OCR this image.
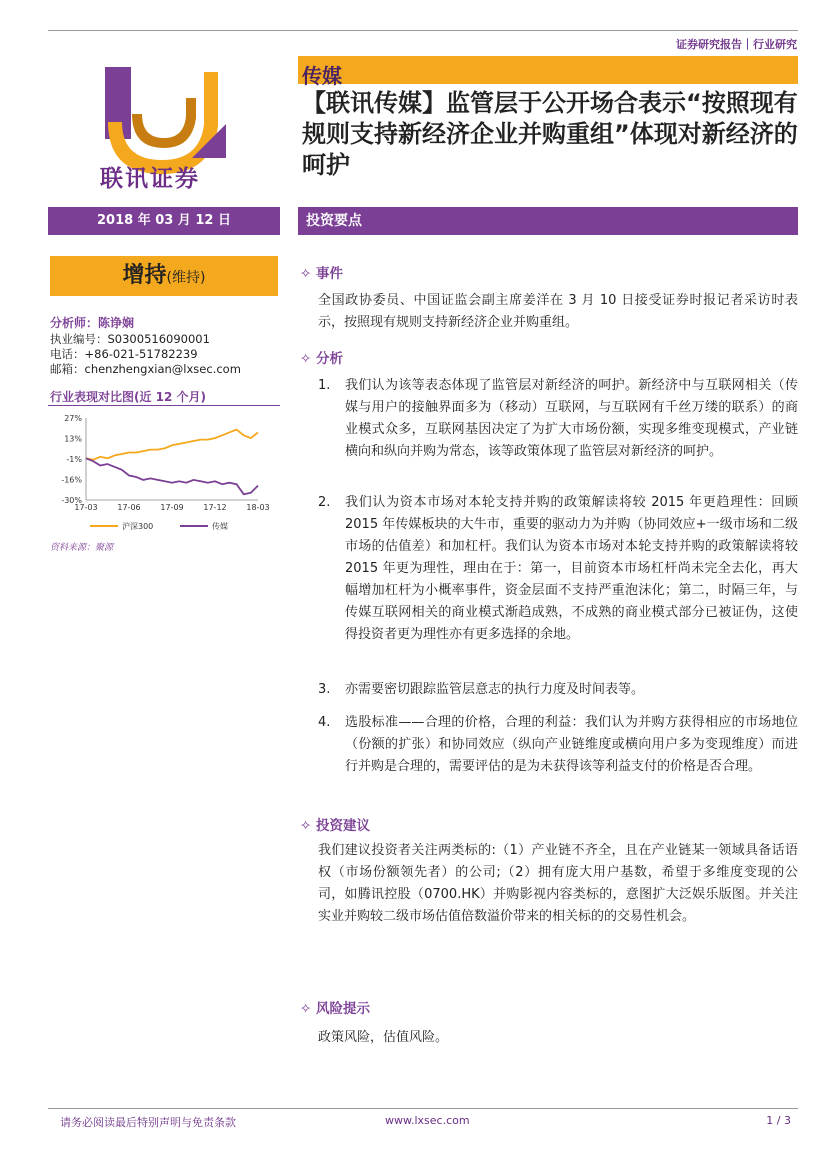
证券研究报告｜行业研究
联讯证券
传媒
【联讯传媒】监管层于公开场合表示“按照现有规则支持新经济企业并购重组”体现对新经济的呵护
2018 年 03 月 12 日	投资要点
增持(维持)
分析师：陈诤娴
执业编号：S0300516090001
电话：+86-021-51782239
邮箱：chenzhengxian@lxsec.com
行业表现对比图(近 12 个月)
27%
13%
-1%
-16%
-30%
17-03 17-06 17-09 17-12 18-03
沪深300	传媒
资料来源：聚源
✧ 事件
全国政协委员、中国证监会副主席姜洋在 3 月 10 日接受证券时报记者采访时表示，按照现有规则支持新经济企业并购重组。
✧ 分析
1. 我们认为该等表态体现了监管层对新经济的呵护。新经济中与互联网相关（传媒与用户的接触界面多为（移动）互联网，与互联网有千丝万缕的联系）的商业模式众多，互联网基因决定了为扩大市场份额，实现多维变现模式，产业链横向和纵向并购为常态，该等政策体现了监管层对新经济的呵护。
2. 我们认为资本市场对本轮支持并购的政策解读将较 2015 年更趋理性：回顾 2015 年传媒板块的大牛市，重要的驱动力为并购（协同效应+一级市场和二级市场的估值差）和加杠杆。我们认为资本市场对本轮支持并购的政策解读将较 2015 年更为理性，理由在于：第一，目前资本市场杠杆尚未完全去化，再大幅增加杠杆为小概率事件，资金层面不支持严重泡沫化；第二，时隔三年，与传媒互联网相关的商业模式渐趋成熟，不成熟的商业模式部分已被证伪，这使得投资者更为理性亦有更多选择的余地。
3. 亦需要密切跟踪监管层意志的执行力度及时间表等。
4. 选股标准——合理的价格，合理的利益：我们认为并购方获得相应的市场地位（份额的扩张）和协同效应（纵向产业链维度或横向用户多为变现维度）而进行并购是合理的，需要评估的是为未获得该等利益支付的价格是否合理。
✧ 投资建议
我们建议投资者关注两类标的:（1）产业链不齐全，且在产业链某一领域具备话语权（市场份额领先者）的公司;（2）拥有庞大用户基数，希望于多维度变现的公司，如腾讯控股（0700.HK）并购影视内容类标的，意图扩大泛娱乐版图。并关注实业并购较二级市场估值倍数溢价带来的相关标的的交易性机会。
✧ 风险提示
政策风险，估值风险。
请务必阅读最后特别声明与免责条款	www.lxsec.com	1 / 3
